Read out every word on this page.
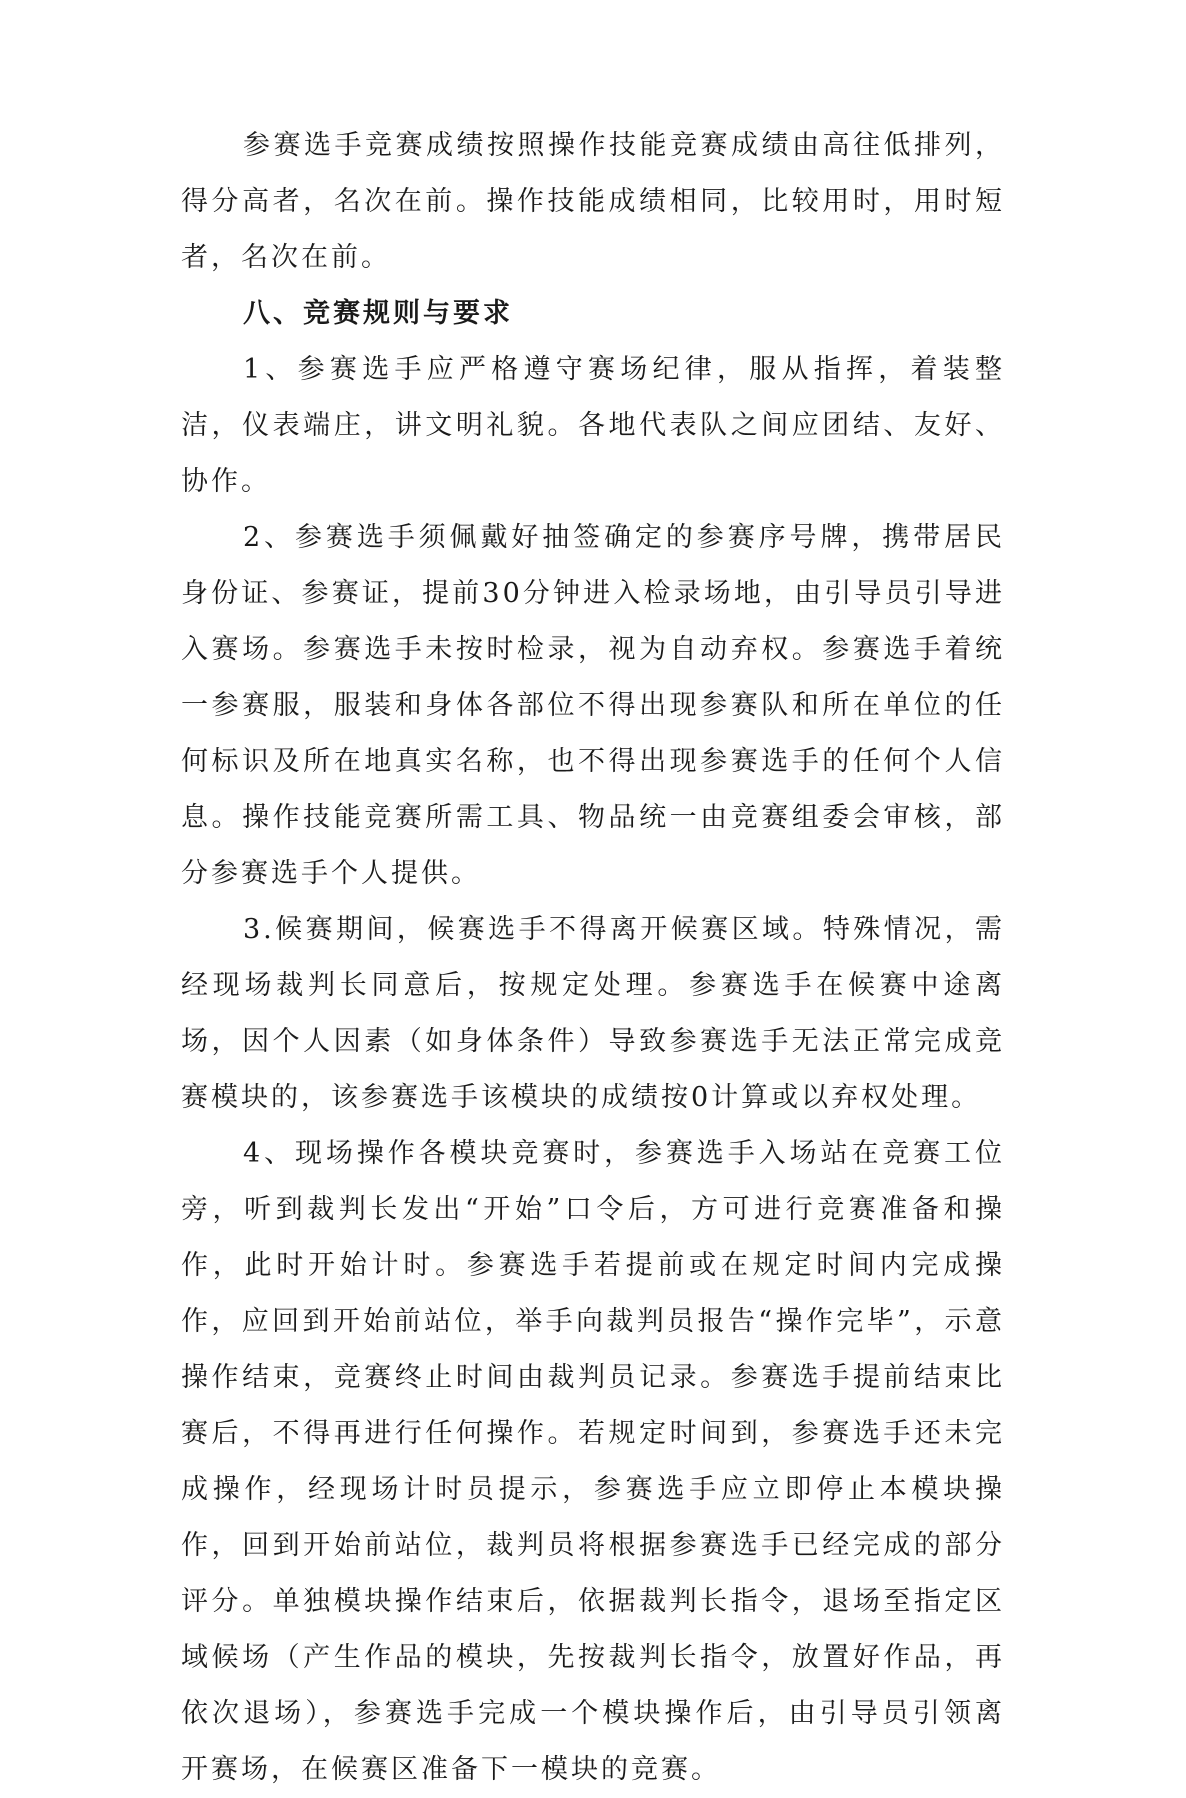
参赛选手竞赛成绩按照操作技能竞赛成绩由高往低排列，得分高者，名次在前。操作技能成绩相同，比较用时，用时短者，名次在前。

八、竞赛规则与要求

1、参赛选手应严格遵守赛场纪律，服从指挥，着装整洁，仪表端庄，讲文明礼貌。各地代表队之间应团结、友好、协作。

2、参赛选手须佩戴好抽签确定的参赛序号牌，携带居民身份证、参赛证，提前30分钟进入检录场地，由引导员引导进入赛场。参赛选手未按时检录，视为自动弃权。参赛选手着统一参赛服，服装和身体各部位不得出现参赛队和所在单位的任何标识及所在地真实名称，也不得出现参赛选手的任何个人信息。操作技能竞赛所需工具、物品统一由竞赛组委会审核，部分参赛选手个人提供。

3.候赛期间，候赛选手不得离开候赛区域。特殊情况，需经现场裁判长同意后，按规定处理。参赛选手在候赛中途离场，因个人因素（如身体条件）导致参赛选手无法正常完成竞赛模块的，该参赛选手该模块的成绩按0计算或以弃权处理。

4、现场操作各模块竞赛时，参赛选手入场站在竞赛工位旁，听到裁判长发出“开始”口令后，方可进行竞赛准备和操作，此时开始计时。参赛选手若提前或在规定时间内完成操作，应回到开始前站位，举手向裁判员报告“操作完毕”，示意操作结束，竞赛终止时间由裁判员记录。参赛选手提前结束比赛后，不得再进行任何操作。若规定时间到，参赛选手还未完成操作，经现场计时员提示，参赛选手应立即停止本模块操作，回到开始前站位，裁判员将根据参赛选手已经完成的部分评分。单独模块操作结束后，依据裁判长指令，退场至指定区域候场（产生作品的模块，先按裁判长指令，放置好作品，再依次退场），参赛选手完成一个模块操作后，由引导员引领离开赛场，在候赛区准备下一模块的竞赛。
